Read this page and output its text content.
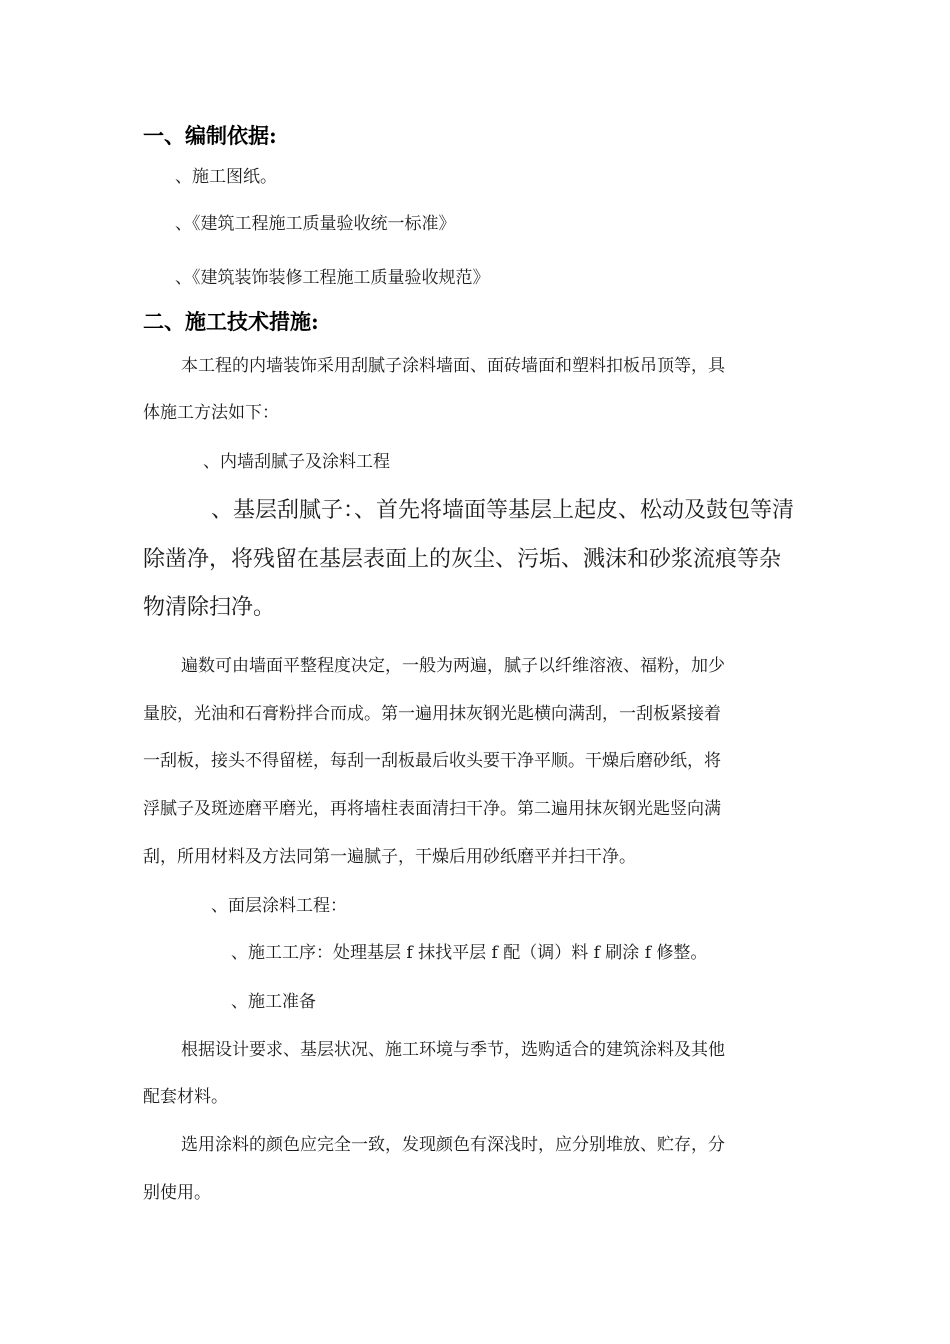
一、编制依据:

、施工图纸。

、《建筑工程施工质量验收统一标准》

、《建筑装饰装修工程施工质量验收规范》

二、施工技术措施:

本工程的内墙装饰采用刮腻子涂料墙面、面砖墙面和塑料扣板吊顶等，具

体施工方法如下：

、内墙刮腻子及涂料工程

、基层刮腻子：、首先将墙面等基层上起皮、松动及鼓包等清

除凿净，将残留在基层表面上的灰尘、污垢、溅沫和砂浆流痕等杂

物清除扫净。

遍数可由墙面平整程度决定，一般为两遍，腻子以纤维溶液、福粉，加少

量胶，光油和石膏粉拌合而成。第一遍用抹灰钢光匙横向满刮，一刮板紧接着

一刮板，接头不得留槎，每刮一刮板最后收头要干净平顺。干燥后磨砂纸，将

浮腻子及斑迹磨平磨光，再将墙柱表面清扫干净。第二遍用抹灰钢光匙竖向满

刮，所用材料及方法同第一遍腻子，干燥后用砂纸磨平并扫干净。

、面层涂料工程：

、施工工序：处理基层 f 抹找平层 f 配（调）料 f 刷涂 f 修整。

、施工准备

根据设计要求、基层状况、施工环境与季节，选购适合的建筑涂料及其他

配套材料。

选用涂料的颜色应完全一致，发现颜色有深浅时，应分别堆放、贮存，分

别使用。
